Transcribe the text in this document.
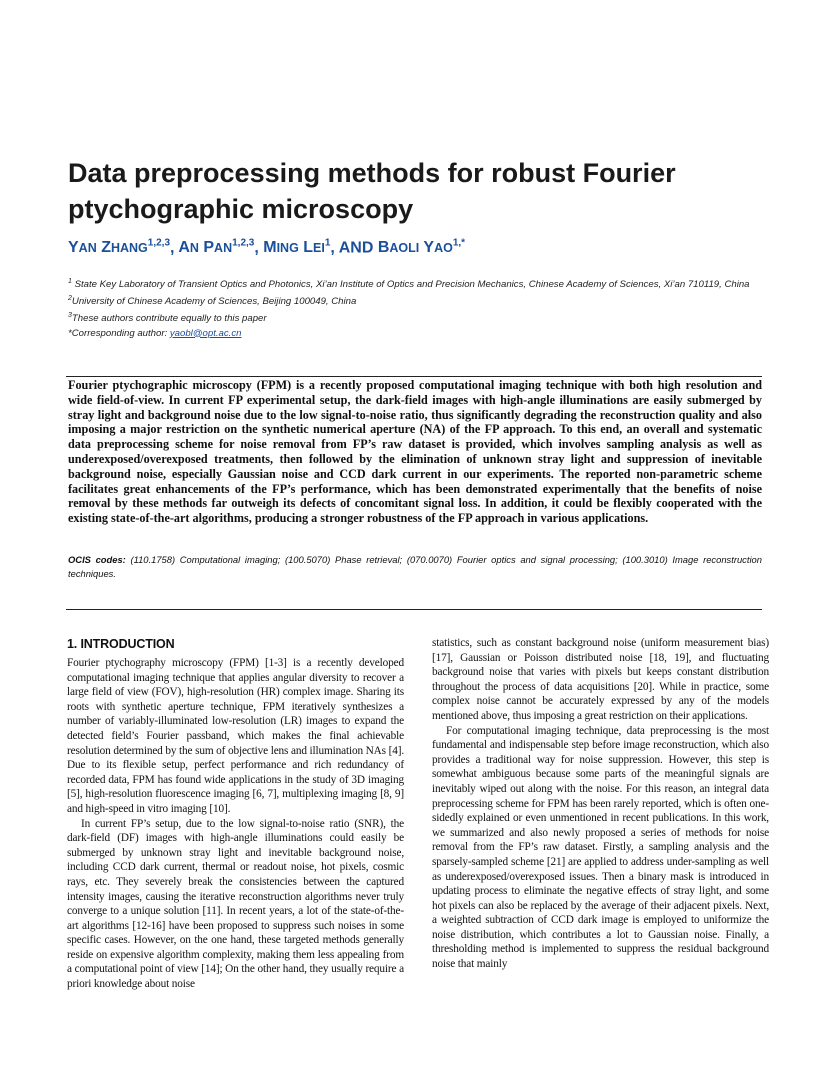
Data preprocessing methods for robust Fourier ptychographic microscopy
YAN ZHANG$^{1,2,3}$, AN PAN$^{1,2,3}$, MING LEI$^1$, AND BAOLI $YAO^{1,*}$

$^1$ State Key Laboratory of Transient Optics and Photonics, Xi’an Institute of Optics and Precision Mechanics, Chinese Academy of Sciences, Xi’an 710119, China

$^2$University of Chinese Academy of Sciences, Beijing 100049, China

$^3$These authors contribute equally to this paper

*Corresponding author: yaobl@opt.ac.cn

Fourier ptychographic microscopy (FPM) is a recently proposed computational imaging technique with both high resolution and wide field-of-view. In current FP experimental setup, the dark-field images with high-angle illuminations are easily submerged by stray light and background noise due to the low signal-to-noise ratio, thus significantly degrading the reconstruction quality and also imposing a major restriction on the synthetic numerical aperture (NA) of the FP approach. To this end, an overall and systematic data preprocessing scheme for noise removal from FP’s raw dataset is provided, which involves sampling analysis as well as underexposed/overexposed treatments, then followed by the elimination of unknown stray light and suppression of inevitable background noise, especially Gaussian noise and CCD dark current in our experiments. The reported non-parametric scheme facilitates great enhancements of the FP’s performance, which has been demonstrated experimentally that the benefits of noise removal by these methods far outweigh its defects of concomitant signal loss. In addition, it could be flexibly cooperated with the existing state-of-the-art algorithms, producing a stronger robustness of the FP approach in various applications.

OCIS codes: (110.1758) Computational imaging; (100.5070) Phase retrieval; (070.0070) Fourier optics and signal processing; (100.3010) Image reconstruction techniques.

1. INTRODUCTION

Fourier ptychography microscopy (FPM) [1-3] is a recently developed computational imaging technique that applies angular diversity to recover a large field of view (FOV), high-resolution (HR) complex image. Sharing its roots with synthetic aperture technique, FPM iteratively synthesizes a number of variably-illuminated low-resolution (LR) images to expand the detected field’s Fourier passband, which makes the final achievable resolution determined by the sum of objective lens and illumination NAs [4]. Due to its flexible setup, perfect performance and rich redundancy of recorded data, FPM has found wide applications in the study of 3D imaging [5], high-resolution fluorescence imaging [6, 7], multiplexing imaging [8, 9] and high-speed in vitro imaging [10].

In current FP’s setup, due to the low signal-to-noise ratio (SNR), the dark-field (DF) images with high-angle illuminations could easily be submerged by unknown stray light and inevitable background noise, including CCD dark current, thermal or readout noise, hot pixels, cosmic rays, etc. They severely break the consistencies between the captured intensity images, causing the iterative reconstruction algorithms never truly converge to a unique solution [11]. In recent years, a lot of the state-of-the-art algorithms [12-16] have been proposed to suppress such noises in some specific cases. However, on the one hand, these targeted methods generally reside on expensive algorithm complexity, making them less appealing from a computational point of view [14]; On the other hand, they usually require a priori knowledge about noise

statistics, such as constant background noise (uniform measurement bias) [17], Gaussian or Poisson distributed noise [18, 19], and fluctuating background noise that varies with pixels but keeps constant distribution throughout the process of data acquisitions [20]. While in practice, some complex noise cannot be accurately expressed by any of the models mentioned above, thus imposing a great restriction on their applications.

For computational imaging technique, data preprocessing is the most fundamental and indispensable step before image reconstruction, which also provides a traditional way for noise suppression. However, this step is somewhat ambiguous because some parts of the meaningful signals are inevitably wiped out along with the noise. For this reason, an integral data preprocessing scheme for FPM has been rarely reported, which is often one-sidedly explained or even unmentioned in recent publications. In this work, we summarized and also newly proposed a series of methods for noise removal from the FP’s raw dataset. Firstly, a sampling analysis and the sparsely-sampled scheme [21] are applied to address under-sampling as well as underexposed/overexposed issues. Then a binary mask is introduced in updating process to eliminate the negative effects of stray light, and some hot pixels can also be replaced by the average of their adjacent pixels. Next, a weighted subtraction of CCD dark image is employed to uniformize the noise distribution, which contributes a lot to Gaussian noise. Finally, a thresholding method is implemented to suppress the residual background noise that mainly
